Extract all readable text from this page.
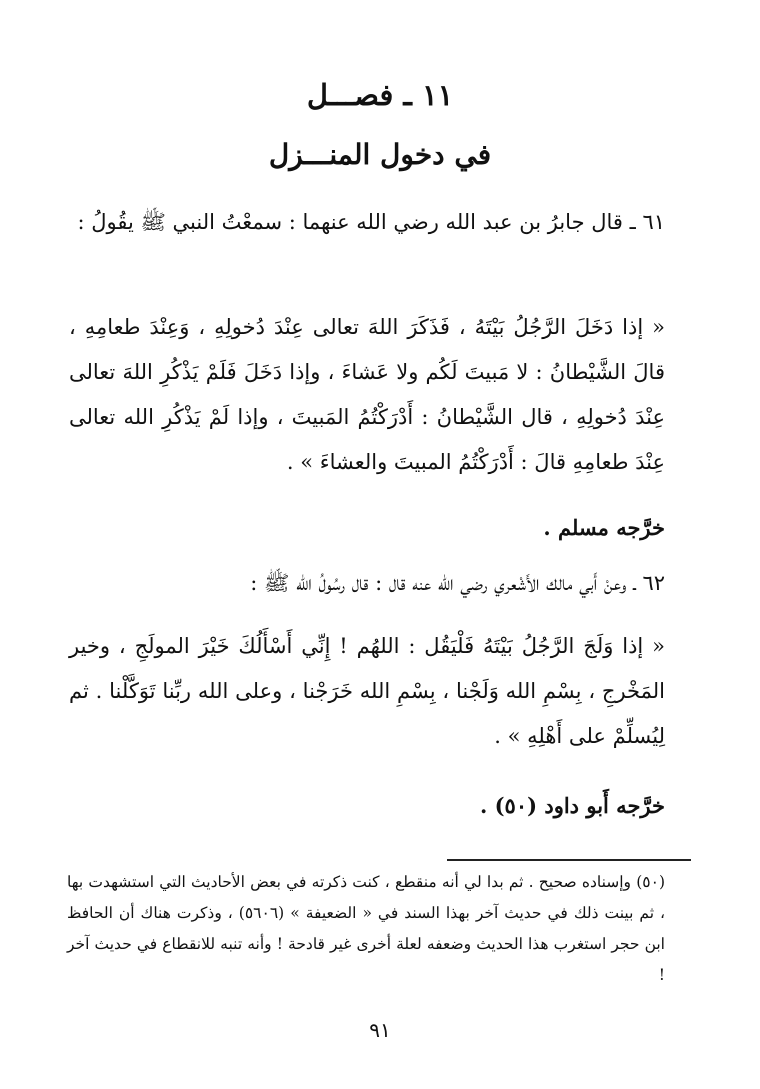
١١ ـ فصـــل
في دخول المنـــزل

٦١ ـ قال جابرُ بن عبد الله رضي الله عنهما : سمعْتُ النبي ﷺ يقُولُ :

« إذا دَخَلَ الرَّجُلُ بَيْتَهُ ، فَذَكَرَ اللهَ تعالى عِنْدَ دُخولِهِ ، وَعِنْدَ طعامِهِ ، قالَ الشَّيْطانُ : لا مَبيتَ لَكُم ولا عَشاءَ ، وإذا دَخَلَ فَلَمْ يَذْكُرِ اللهَ تعالى عِنْدَ دُخولِهِ ، قال الشَّيْطانُ : أَدْرَكْتُمُ المَبيتَ ، وإذا لَمْ يَذْكُرِ الله تعالى عِنْدَ طعامِهِ قالَ : أَدْرَكْتُمُ المبيتَ والعشاءَ » .

خرَّجه مسلم .

٦٢ ـ وعنْ أَبي مالك الأَشْعري رضي الله عنه قال : قال رسُولُ الله ﷺ :

« إذا وَلَجَ الرَّجُلُ بَيْتَهُ فَلْيَقُل : اللهُم ! إِنِّي أَسْأَلُكَ خَيْرَ المولَجِ ، وخير المَخْرجِ ، بِسْمِ الله وَلَجْنا ، بِسْمِ الله خَرَجْنا ، وعلى الله ربِّنا تَوَكَّلْنا . ثم لِيُسلِّمْ على أَهْلِهِ » .

خرَّجه أَبو داود (٥٠) .

(٥٠) وإسناده صحيح . ثم بدا لي أنه منقطع ، كنت ذكرته في بعض الأحاديث التي استشهدت بها ، ثم بينت ذلك في حديث آخر بهذا السند في « الضعيفة » (٥٦٠٦) ، وذكرت هناك أن الحافظ ابن حجر استغرب هذا الحديث وضعفه لعلة أخرى غير قادحة ! وأنه تنبه للانقطاع في حديث آخر !

٩١
